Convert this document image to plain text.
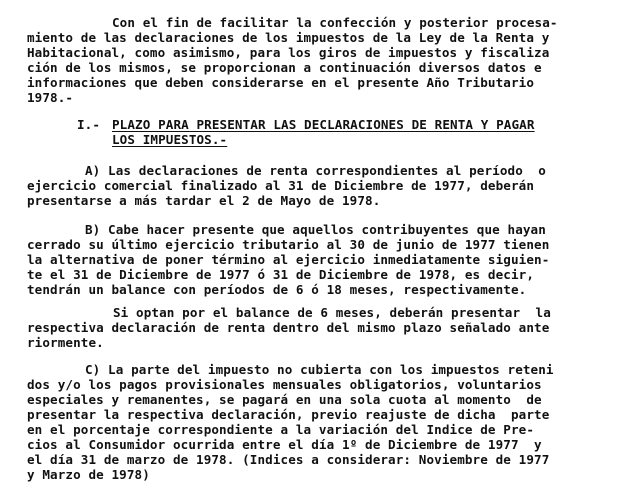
Con el fin de facilitar la confección y posterior procesa-
miento de las declaraciones de los impuestos de la Ley de la Renta y
Habitacional, como asimismo, para los giros de impuestos y fiscaliza
ción de los mismos, se proporcionan a continuación diversos datos e
informaciones que deben considerarse en el presente Año Tributario
1978.-
I.- PLAZO PARA PRESENTAR LAS DECLARACIONES DE RENTA Y PAGAR
LOS IMPUESTOS.-
A) Las declaraciones de renta correspondientes al período  o
ejercicio comercial finalizado al 31 de Diciembre de 1977, deberán
presentarse a más tardar el 2 de Mayo de 1978.
B) Cabe hacer presente que aquellos contribuyentes que hayan
cerrado su último ejercicio tributario al 30 de junio de 1977 tienen
la alternativa de poner término al ejercicio inmediatamente siguien-
te el 31 de Diciembre de 1977 ó 31 de Diciembre de 1978, es decir,
tendrán un balance con períodos de 6 ó 18 meses, respectivamente.
Si optan por el balance de 6 meses, deberán presentar  la
respectiva declaración de renta dentro del mismo plazo señalado ante
riormente.
C) La parte del impuesto no cubierta con los impuestos reteni
dos y/o los pagos provisionales mensuales obligatorios, voluntarios
especiales y remanentes, se pagará en una sola cuota al momento  de
presentar la respectiva declaración, previo reajuste de dicha  parte
en el porcentaje correspondiente a la variación del Indice de Pre-
cios al Consumidor ocurrida entre el día 1º de Diciembre de 1977  y
el día 31 de marzo de 1978. (Indices a considerar: Noviembre de 1977
y Marzo de 1978)
